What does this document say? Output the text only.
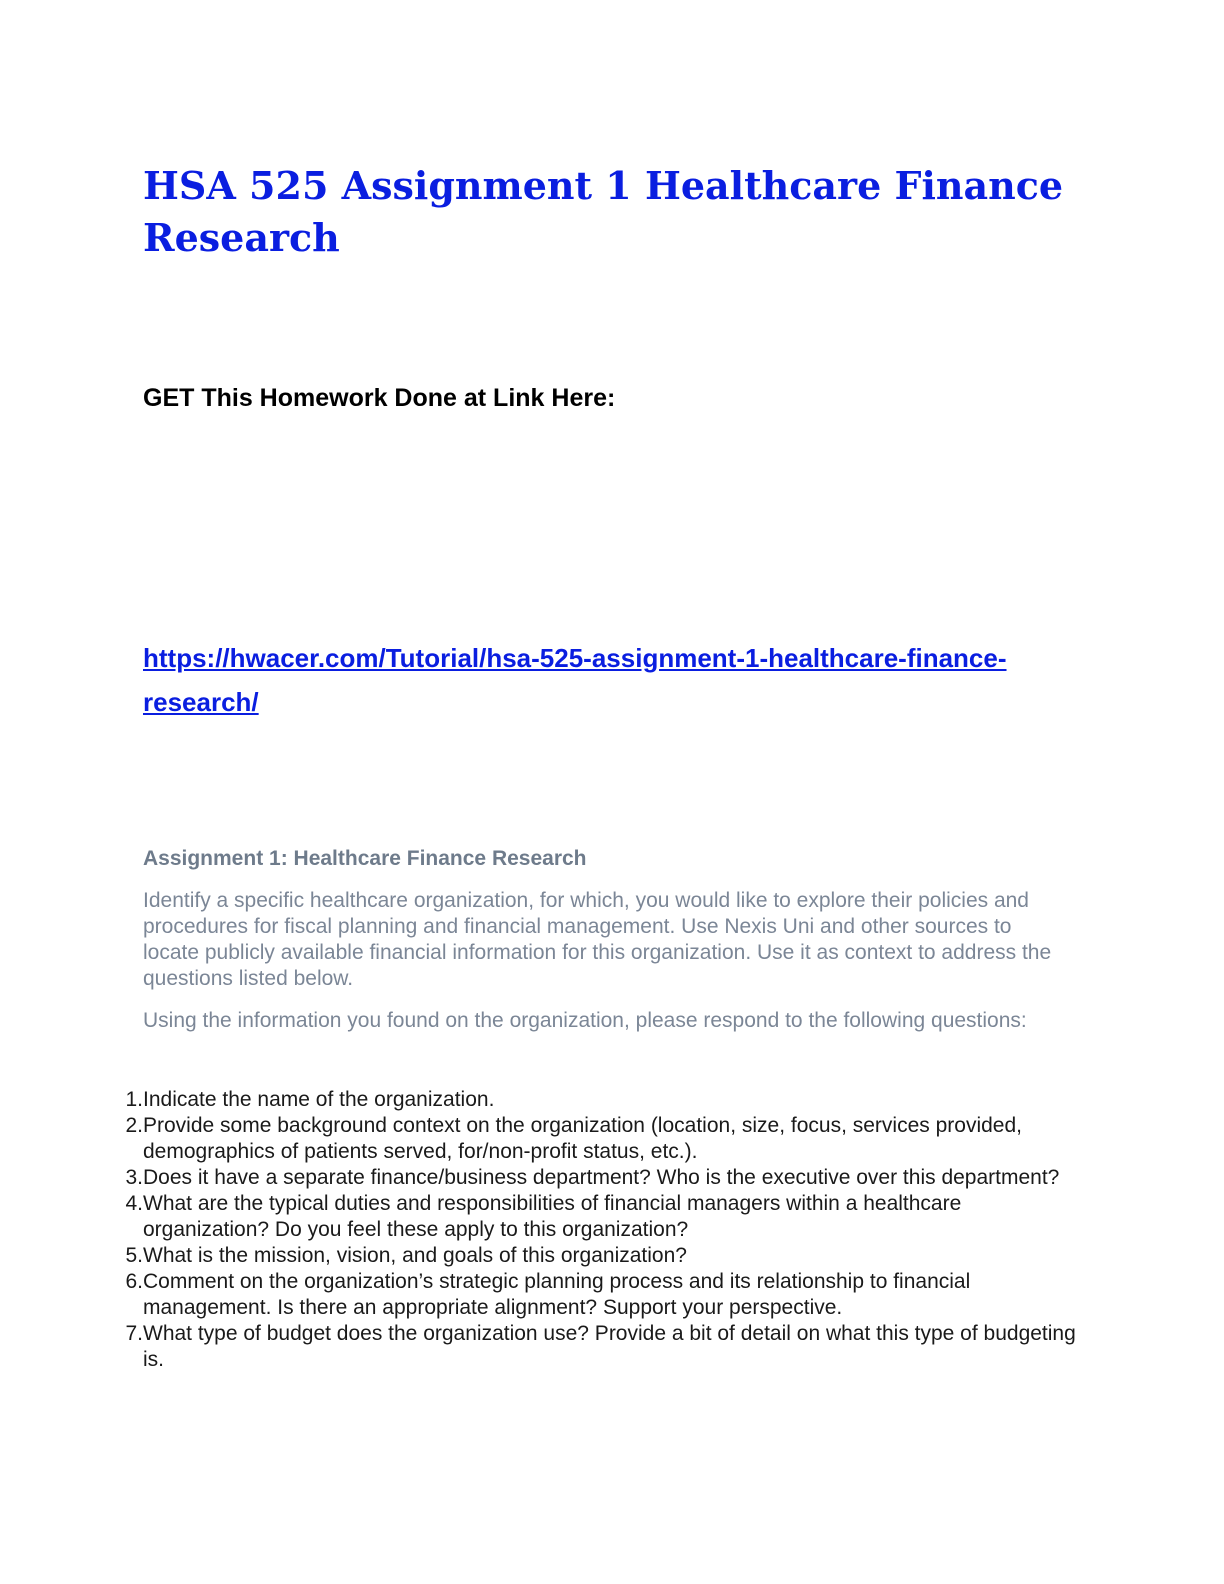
HSA 525 Assignment 1 Healthcare Finance Research

GET This Homework Done at Link Here:

https://hwacer.com/Tutorial/hsa-525-assignment-1-healthcare-finance-research/
Assignment 1: Healthcare Finance Research

Identify a specific healthcare organization, for which, you would like to explore their policies and procedures for fiscal planning and financial management. Use Nexis Uni and other sources to locate publicly available financial information for this organization. Use it as context to address the questions listed below.

Using the information you found on the organization, please respond to the following questions:

1. Indicate the name of the organization.
2. Provide some background context on the organization (location, size, focus, services provided, demographics of patients served, for/non-profit status, etc.).
3. Does it have a separate finance/business department? Who is the executive over this department?
4. What are the typical duties and responsibilities of financial managers within a healthcare organization? Do you feel these apply to this organization?
5. What is the mission, vision, and goals of this organization?
6. Comment on the organization’s strategic planning process and its relationship to financial management. Is there an appropriate alignment? Support your perspective.
7. What type of budget does the organization use? Provide a bit of detail on what this type of budgeting is.
